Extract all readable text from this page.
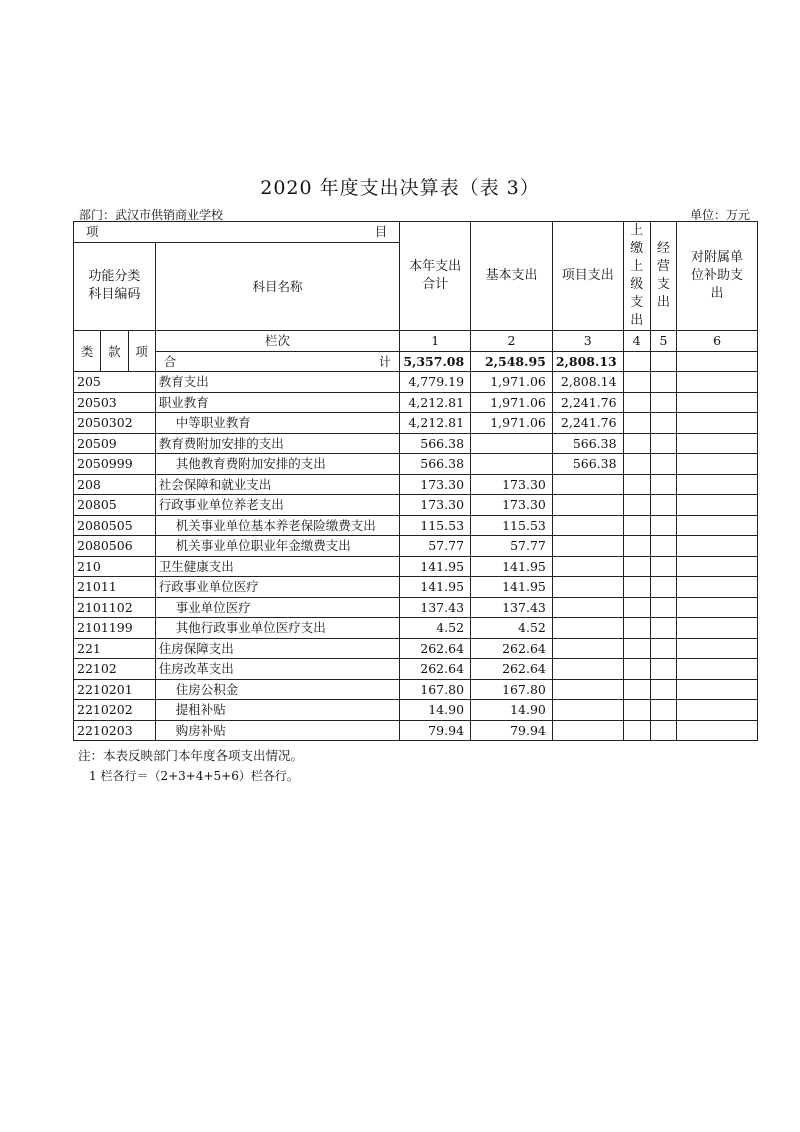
2020 年度支出决算表（表 3）
部门：武汉市供销商业学校	单位：万元
项 目				本年支出合计	基本支出	项目支出	上缴上级支出	经营支出	对附属单位补助支出
功能分类科目编码			科目名称						
类	款	项	栏次	1	2	3	4	5	6

			合 计	5,357.08	2,548.95	2,808.13			
205			教育支出	4,779.19	1,971.06	2,808.14			
20503			职业教育	4,212.81	1,971.06	2,241.76			
2050302			中等职业教育	4,212.81	1,971.06	2,241.76			
20509			教育费附加安排的支出	566.38		566.38			
2050999			其他教育费附加安排的支出	566.38		566.38			
208			社会保障和就业支出	173.30	173.30				
20805			行政事业单位养老支出	173.30	173.30				
2080505			机关事业单位基本养老保险缴费支出	115.53	115.53				
2080506			机关事业单位职业年金缴费支出	57.77	57.77				
210			卫生健康支出	141.95	141.95				
21011			行政事业单位医疗	141.95	141.95				
2101102			事业单位医疗	137.43	137.43				
2101199			其他行政事业单位医疗支出	4.52	4.52				
221			住房保障支出	262.64	262.64				
22102			住房改革支出	262.64	262.64				
2210201			住房公积金	167.80	167.80				
2210202			提租补贴	14.90	14.90				
2210203			购房补贴	79.94	79.94				
注：本表反映部门本年度各项支出情况。
1 栏各行＝（2+3+4+5+6）栏各行。
